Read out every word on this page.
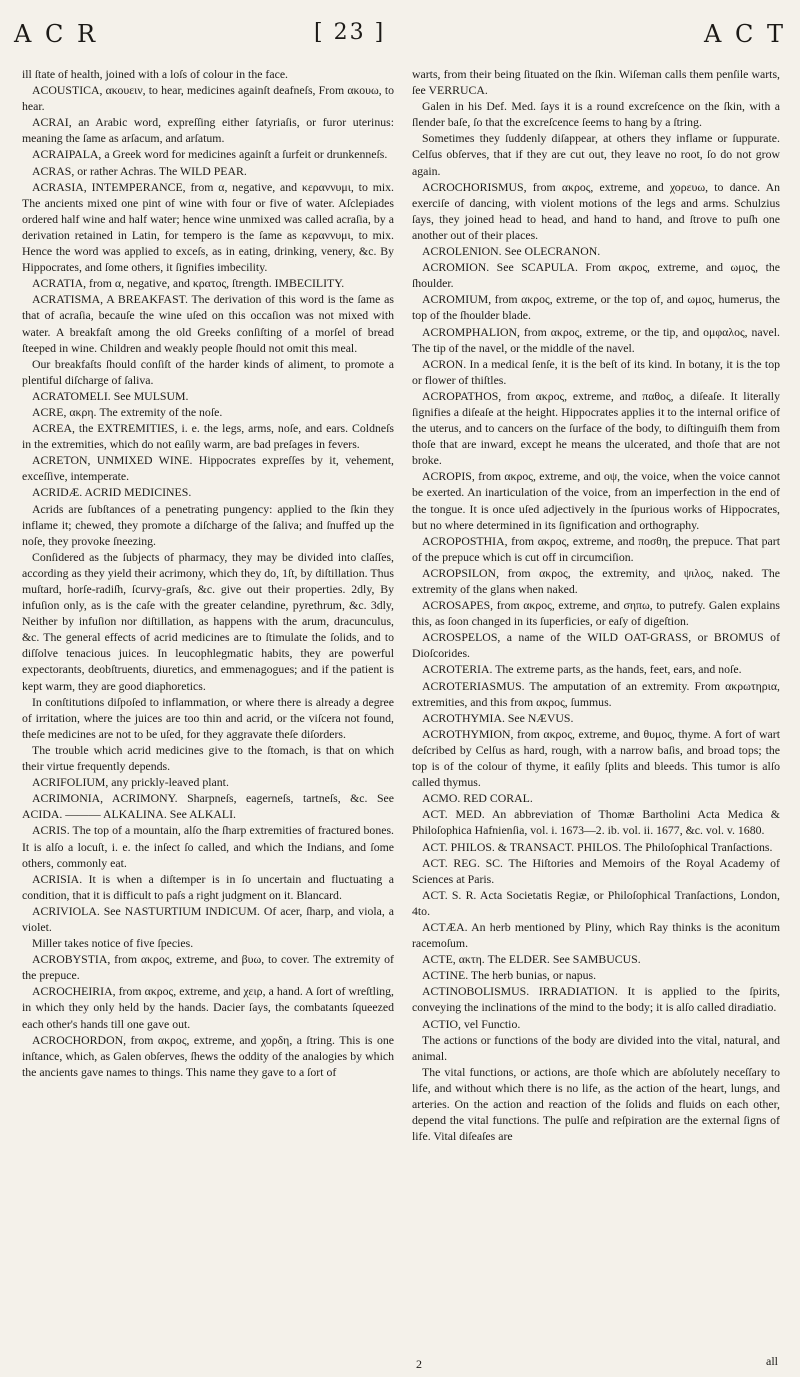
A C R	[ 23 ]	A C T

ill ſtate of health, joined with a loſs of colour in the face.

ACOUSTICA, ακουειν, to hear, medicines againſt deafneſs, From ακουω, to hear.

ACRAI, an Arabic word, expreſſing either ſatyriaſis, or furor uterinus: meaning the ſame as arſacum, and arſatum.

ACRAIPALA, a Greek word for medicines againſt a ſurfeit or drunkenneſs.

ACRAS, or rather Achras. The WILD PEAR.

ACRASIA, INTEMPERANCE, from α, negative, and κεραννυμι, to mix. The ancients mixed one pint of wine with four or five of water. Aſclepiades ordered half wine and half water; hence wine unmixed was called acraſia, by a derivation retained in Latin, for tempero is the ſame as κεραννυμι, to mix. Hence the word was applied to exceſs, as in eating, drinking, venery, &c. By Hippocrates, and ſome others, it ſignifies imbecility.

ACRATIA, from α, negative, and κρατος, ſtrength. IMBECILITY.

ACRATISMA, A BREAKFAST. The derivation of this word is the ſame as that of acraſia, becauſe the wine uſed on this occaſion was not mixed with water. A breakfaſt among the old Greeks conſiſting of a morſel of bread ſteeped in wine. Children and weakly people ſhould not omit this meal.

Our breakfaſts ſhould conſiſt of the harder kinds of aliment, to promote a plentiful diſcharge of ſaliva.

ACRATOMELI. See MULSUM.

ACRE, ακρη. The extremity of the noſe.

ACREA, the EXTREMITIES, i. e. the legs, arms, noſe, and ears. Coldneſs in the extremities, which do not eaſily warm, are bad preſages in fevers.

ACRETON, UNMIXED WINE. Hippocrates expreſſes by it, vehement, exceſſive, intemperate.

ACRIDÆ. ACRID MEDICINES.

Acrids are ſubſtances of a penetrating pungency: applied to the ſkin they inflame it; chewed, they promote a diſcharge of the ſaliva; and ſnuffed up the noſe, they provoke ſneezing.

Conſidered as the ſubjects of pharmacy, they may be divided into claſſes, according as they yield their acrimony, which they do, 1ſt, by diſtillation. Thus muſtard, horſe-radiſh, ſcurvy-graſs, &c. give out their properties. 2dly, By infuſion only, as is the caſe with the greater celandine, pyrethrum, &c. 3dly, Neither by infuſion nor diſtillation, as happens with the arum, dracunculus, &c. The general effects of acrid medicines are to ſtimulate the ſolids, and to diſſolve tenacious juices. In leucophlegmatic habits, they are powerful expectorants, deobſtruents, diuretics, and emmenagogues; and if the patient is kept warm, they are good diaphoretics.

In conſtitutions diſpoſed to inflammation, or where there is already a degree of irritation, where the juices are too thin and acrid, or the viſcera not found, theſe medicines are not to be uſed, for they aggravate theſe diſorders.

The trouble which acrid medicines give to the ſtomach, is that on which their virtue frequently depends.

ACRIFOLIUM, any prickly-leaved plant.

ACRIMONIA, ACRIMONY. Sharpneſs, eagerneſs, tartneſs, &c. See ACIDA. ——— ALKALINA. See ALKALI.

ACRIS. The top of a mountain, alſo the ſharp extremities of fractured bones. It is alſo a locuſt, i. e. the inſect ſo called, and which the Indians, and ſome others, commonly eat.

ACRISIA. It is when a diſtemper is in ſo uncertain and fluctuating a condition, that it is difficult to paſs a right judgment on it. Blancard.

ACRIVIOLA. See NASTURTIUM INDICUM. Of acer, ſharp, and viola, a violet.

Miller takes notice of five ſpecies.

ACROBYSTIA, from ακρος, extreme, and βυω, to cover. The extremity of the prepuce.

ACROCHEIRIA, from ακρος, extreme, and χειρ, a hand. A ſort of wreſtling, in which they only held by the hands. Dacier ſays, the combatants ſqueezed each other's hands till one gave out.

ACROCHORDON, from ακρος, extreme, and χορδη, a ſtring. This is one inſtance, which, as Galen obſerves, ſhews the oddity of the analogies by which the ancients gave names to things. This name they gave to a ſort of

warts, from their being ſituated on the ſkin. Wiſeman calls them penſile warts, ſee VERRUCA.

Galen in his Def. Med. ſays it is a round excreſcence on the ſkin, with a ſlender baſe, ſo that the excreſcence ſeems to hang by a ſtring.

Sometimes they ſuddenly diſappear, at others they inflame or ſuppurate. Celſus obſerves, that if they are cut out, they leave no root, ſo do not grow again.

ACROCHORISMUS, from ακρος, extreme, and χορευω, to dance. An exerciſe of dancing, with violent motions of the legs and arms. Schulzius ſays, they joined head to head, and hand to hand, and ſtrove to puſh one another out of their places.

ACROLENION. See OLECRANON.

ACROMION. See SCAPULA. From ακρος, extreme, and ωμος, the ſhoulder.

ACROMIUM, from ακρος, extreme, or the top of, and ωμος, humerus, the top of the ſhoulder blade.

ACROMPHALION, from ακρος, extreme, or the tip, and ομφαλος, navel. The tip of the navel, or the middle of the navel.

ACRON. In a medical ſenſe, it is the beſt of its kind. In botany, it is the top or flower of thiſtles.

ACROPATHOS, from ακρος, extreme, and παθος, a diſeaſe. It literally ſignifies a diſeaſe at the height. Hippocrates applies it to the internal orifice of the uterus, and to cancers on the ſurface of the body, to diſtinguiſh them from thoſe that are inward, except he means the ulcerated, and thoſe that are not broke.

ACROPIS, from ακρος, extreme, and οψ, the voice, when the voice cannot be exerted. An inarticulation of the voice, from an imperfection in the end of the tongue. It is once uſed adjectively in the ſpurious works of Hippocrates, but no where determined in its ſignification and orthography.

ACROPOSTHIA, from ακρος, extreme, and ποσθη, the prepuce. That part of the prepuce which is cut off in circumciſion.

ACROPSILON, from ακρος, the extremity, and ψιλος, naked. The extremity of the glans when naked.

ACROSAPES, from ακρος, extreme, and σηπω, to putrefy. Galen explains this, as ſoon changed in its ſuperficies, or eaſy of digeſtion.

ACROSPELOS, a name of the WILD OAT-GRASS, or BROMUS of Dioſcorides.

ACROTERIA. The extreme parts, as the hands, feet, ears, and noſe.

ACROTERIASMUS. The amputation of an extremity. From ακρωτηρια, extremities, and this from ακρος, ſummus.

ACROTHYMIA. See NÆVUS.

ACROTHYMION, from ακρος, extreme, and θυμος, thyme. A fort of wart deſcribed by Celſus as hard, rough, with a narrow baſis, and broad tops; the top is of the colour of thyme, it eaſily ſplits and bleeds. This tumor is alſo called thymus.

ACMO. RED CORAL.

ACT. MED. An abbreviation of Thomæ Bartholini Acta Medica & Philoſophica Hafnienſia, vol. i. 1673—2. ib. vol. ii. 1677, &c. vol. v. 1680.

ACT. PHILOS. & TRANSACT. PHILOS. The Philoſophical Tranſactions.

ACT. REG. SC. The Hiſtories and Memoirs of the Royal Academy of Sciences at Paris.

ACT. S. R. Acta Societatis Regiæ, or Philoſophical Tranſactions, London, 4to.

ACTÆA. An herb mentioned by Pliny, which Ray thinks is the aconitum racemoſum.

ACTE, ακτη. The ELDER. See SAMBUCUS.

ACTINE. The herb bunias, or napus.

ACTINOBOLISMUS. IRRADIATION. It is applied to the ſpirits, conveying the inclinations of the mind to the body; it is alſo called diradiatio.

ACTIO, vel Functio.

The actions or functions of the body are divided into the vital, natural, and animal.

The vital functions, or actions, are thoſe which are abſolutely neceſſary to life, and without which there is no life, as the action of the heart, lungs, and arteries. On the action and reaction of the ſolids and fluids on each other, depend the vital functions. The pulſe and reſpiration are the external ſigns of life. Vital diſeaſes are

2	all
